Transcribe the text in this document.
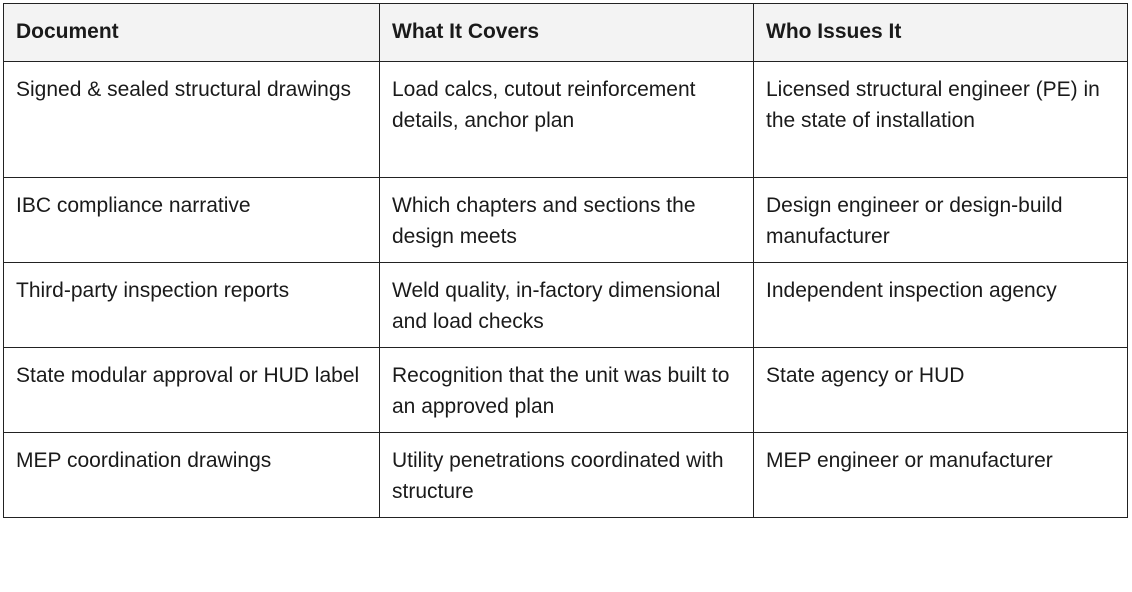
Document	What It Covers	Who Issues It
Signed & sealed structural drawings	Load calcs, cutout reinforcement details, anchor plan	Licensed structural engineer (PE) in the state of installation
IBC compliance narrative	Which chapters and sections the design meets	Design engineer or design-build manufacturer
Third-party inspection reports	Weld quality, in-factory dimensional and load checks	Independent inspection agency
State modular approval or HUD label	Recognition that the unit was built to an approved plan	State agency or HUD
MEP coordination drawings	Utility penetrations coordinated with structure	MEP engineer or manufacturer
